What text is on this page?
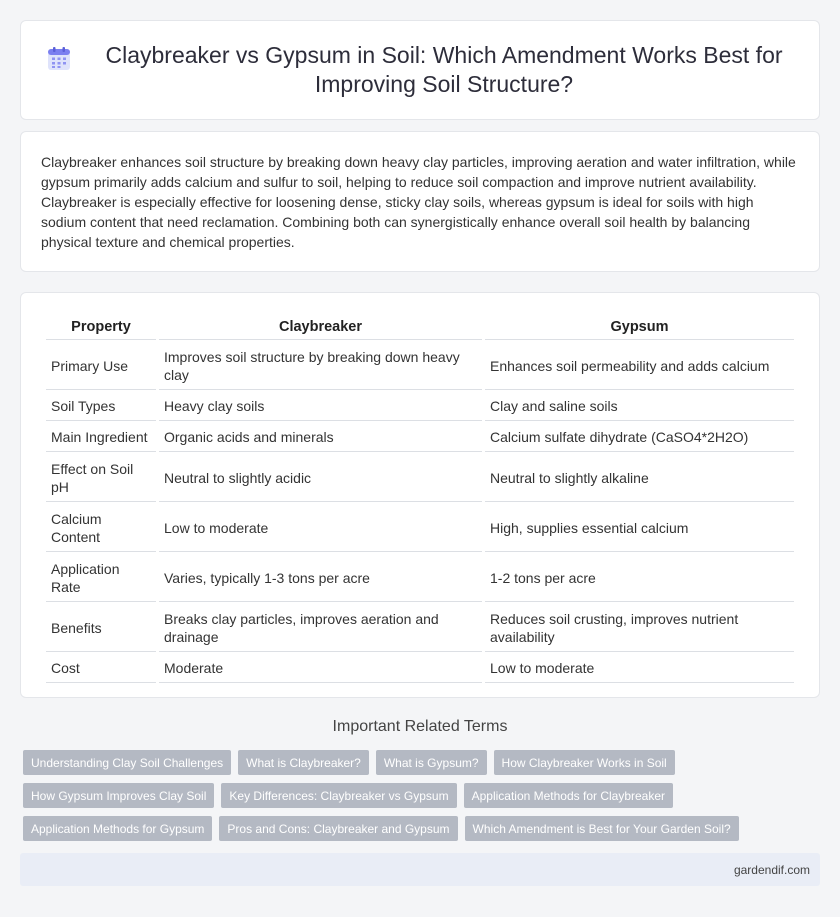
Claybreaker vs Gypsum in Soil: Which Amendment Works Best for Improving Soil Structure?

Claybreaker enhances soil structure by breaking down heavy clay particles, improving aeration and water infiltration, while gypsum primarily adds calcium and sulfur to soil, helping to reduce soil compaction and improve nutrient availability. Claybreaker is especially effective for loosening dense, sticky clay soils, whereas gypsum is ideal for soils with high sodium content that need reclamation. Combining both can synergistically enhance overall soil health by balancing physical texture and chemical properties.

Property	Claybreaker	Gypsum
Primary Use	Improves soil structure by breaking down heavy clay	Enhances soil permeability and adds calcium
Soil Types	Heavy clay soils	Clay and saline soils
Main Ingredient	Organic acids and minerals	Calcium sulfate dihydrate (CaSO4*2H2O)
Effect on Soil pH	Neutral to slightly acidic	Neutral to slightly alkaline
Calcium Content	Low to moderate	High, supplies essential calcium
Application Rate	Varies, typically 1-3 tons per acre	1-2 tons per acre
Benefits	Breaks clay particles, improves aeration and drainage	Reduces soil crusting, improves nutrient availability
Cost	Moderate	Low to moderate
Important Related Terms
Understanding Clay Soil Challenges	What is Claybreaker?	What is Gypsum?	How Claybreaker Works in Soil
How Gypsum Improves Clay Soil	Key Differences: Claybreaker vs Gypsum	Application Methods for Claybreaker
Application Methods for Gypsum	Pros and Cons: Claybreaker and Gypsum	Which Amendment is Best for Your Garden Soil?
gardendif.com
